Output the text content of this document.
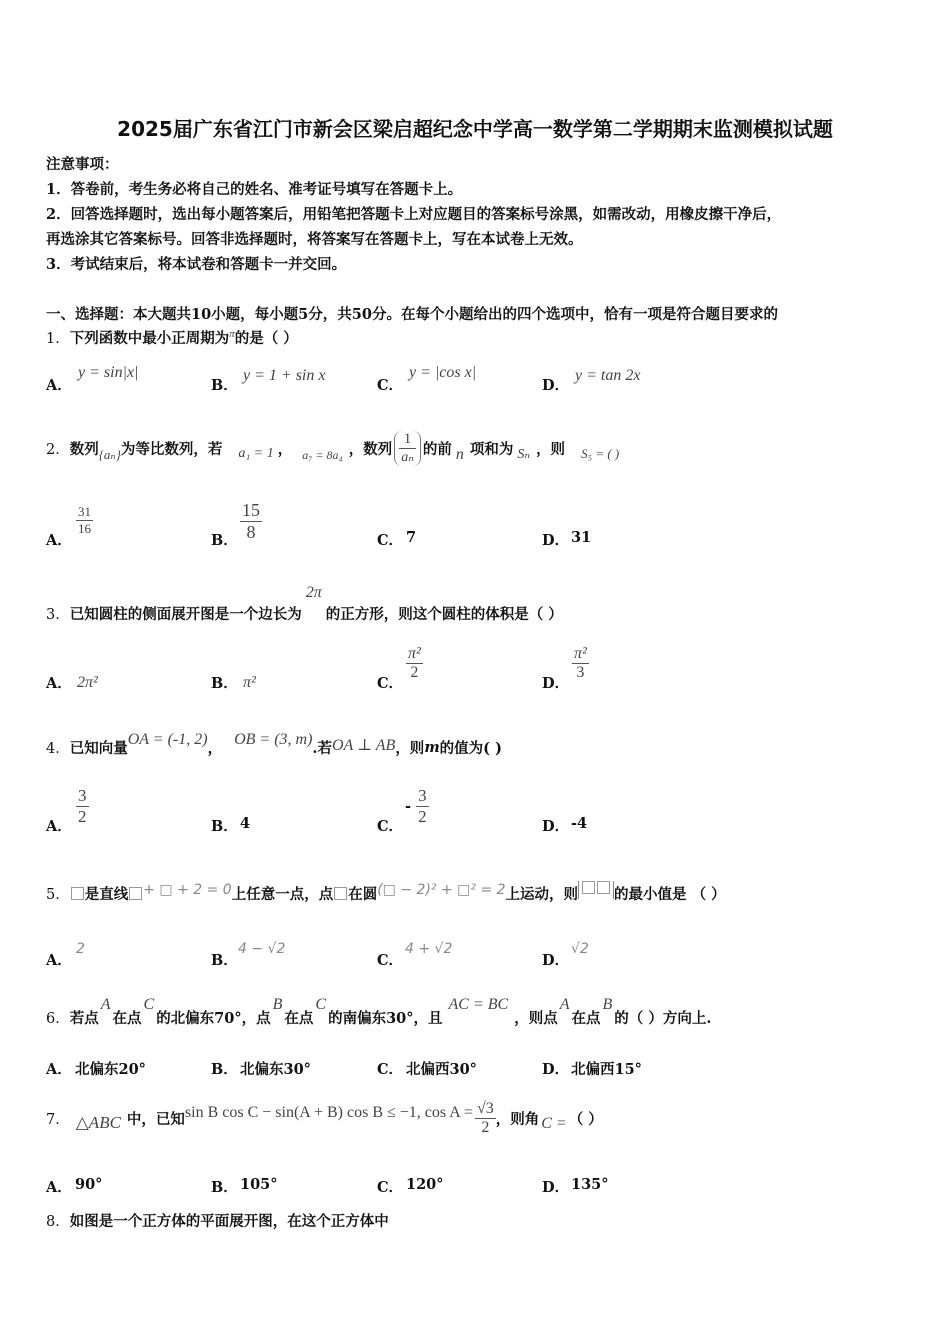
2025届广东省江门市新会区梁启超纪念中学高一数学第二学期期末监测模拟试题
注意事项：
1．答卷前，考生务必将自己的姓名、准考证号填写在答题卡上。
2．回答选择题时，选出每小题答案后，用铅笔把答题卡上对应题目的答案标号涂黑，如需改动，用橡皮擦干净后，
再选涂其它答案标号。回答非选择题时，将答案写在答题卡上，写在本试卷上无效。
3．考试结束后，将本试卷和答题卡一并交回。
一、选择题：本大题共10小题，每小题5分，共50分。在每个小题给出的四个选项中，恰有一项是符合题目要求的
1．下列函数中最小正周期为$^\pi$的是（ ）
A．
y = sin|x|
B．
y = 1 + sin x
C．
y = |cos x|
D．
y = tan 2x
2． 数列 {aₙ} 为等比数列，若 a₁ = 1 ， a₇ = 8a₄ ，数列 $\frac{1}{\text{aₙ}}$ 的前 n 项和为 Sₙ ，则 S₅ = ( )
A．
$\frac{31}{16}$
B． $\frac{15}{8}$	C． 7	D． 31
3． 已知圆柱的侧面展开图是一个边长为
2π
的正方形，则这个圆柱的体积是（ ）
A． 2π²	B． π²	C．
$\frac{\text{π²}}{2}$
D．
$\frac{\text{π²}}{3}$
4． 已知向量 OA = (-1, 2) ， OB = (3, m) .若 OA ⊥ AB ，则 m 的值为( )
A． $\frac{3}{2}$	B． 4	C．
- $\frac{3}{2}$	D． -4
5． 是直线 + □ + 2 = 0 上任意一点，点 在圆 (□ − 2)² + □² = 2 上运动，则 的最小值是 （ ）
A．
2
B．
4 − √2
C．
4 + √2
D．
√2
6． 若点
A
在点
C
的北偏东70°，点
B
在点
C
的南偏东30°，且
AC = BC
，则点
A
在点
B
的（ ）方向上.
A． 北偏东20°	B． 北偏东30°	C． 北偏西30°	D． 北偏西15°
7． △ABC 中，已知 sin B cos C − sin(A + B) cos B ≤ −1, $\cos A = \frac{√3}{2}$ ，则角 C = （ ）
A． 90°	B． 105°	C． 120°	D． 135°
8．如图是一个正方体的平面展开图，在这个正方体中
